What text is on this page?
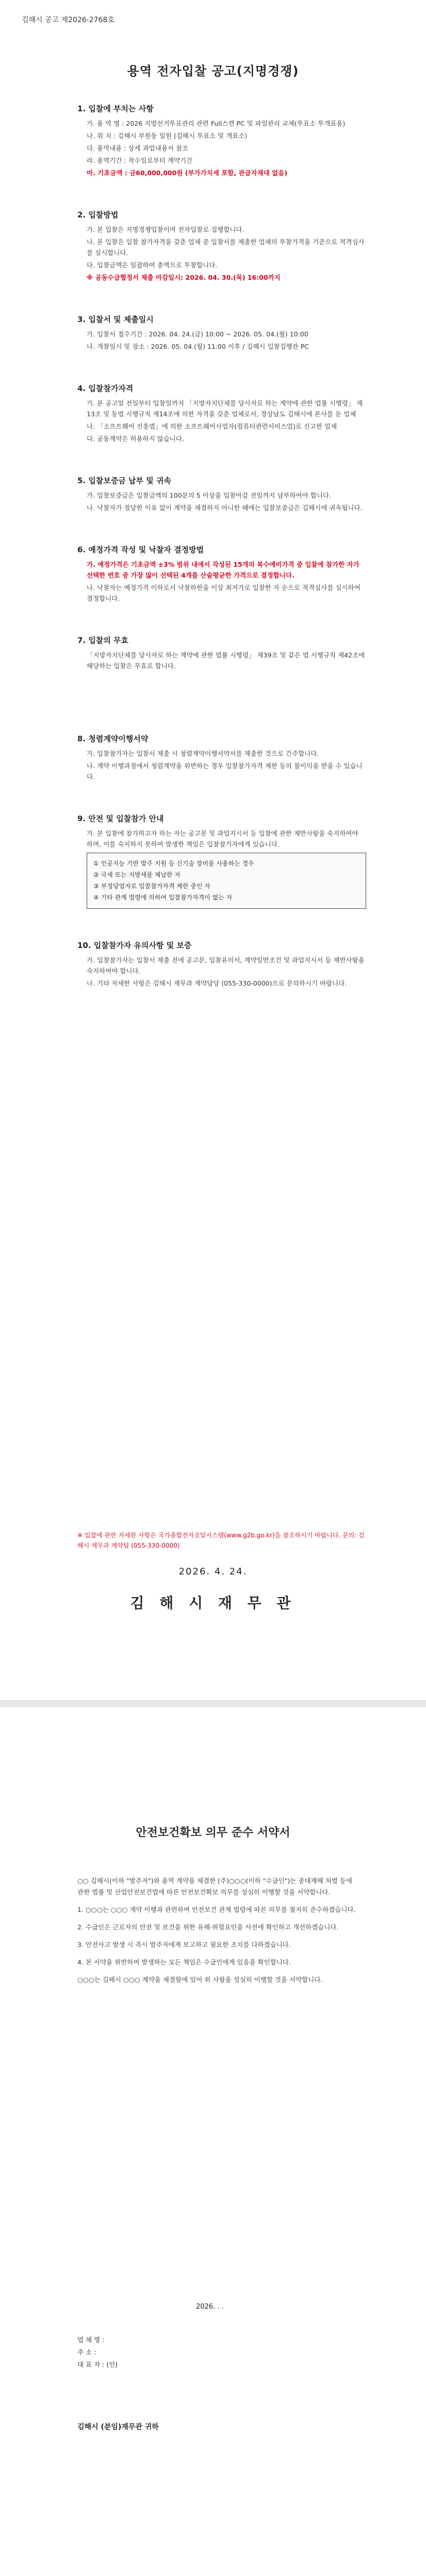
김해시 공고 제2026-2768호
용역 전자입찰 공고(지명경쟁)
1. 입찰에 부치는 사항

가. 용 역 명 : 2026 지방선거투표관리 관련 Full스캔 PC 및 파일관리 교체(투표소 투개표용)

나. 위 치 : 김해시 부원동 일원 (김해시 투표소 및 개표소)

다. 용역내용 : 상세 과업내용서 참조

라. 용역기간 : 착수일로부터 계약기간

마. 기초금액 : 금60,000,000원 (부가가치세 포함, 관급자재대 없음)

2. 입찰방법

가. 본 입찰은 지명경쟁입찰이며 전자입찰로 집행합니다.

나. 본 입찰은 입찰 참가자격을 갖춘 업체 중 입찰서를 제출한 업체의 투찰가격을 기준으로 적격심사를 실시합니다.

다. 입찰금액은 일괄하여 총액으로 투찰합니다.

※ 공동수급협정서 제출 마감일시: 2026. 04. 30.(목) 16:00까지

3. 입찰서 및 제출일시

가. 입찰서 접수기간 : 2026. 04. 24.(금) 10:00 ~ 2026. 05. 04.(월) 10:00

나. 개찰일시 및 장소 : 2026. 05. 04.(월) 11:00 이후 / 김해시 입찰집행관 PC

4. 입찰참가자격

가. 본 공고일 전일부터 입찰일까지 「지방자치단체를 당사자로 하는 계약에 관한 법률 시행령」 제13조 및 동법 시행규칙 제14조에 의한 자격을 갖춘 업체로서, 경상남도 김해시에 본사를 둔 업체

나. 「소프트웨어 진흥법」에 의한 소프트웨어사업자(컴퓨터관련서비스업)로 신고한 업체

다. 공동계약은 허용하지 않습니다.

5. 입찰보증금 납부 및 귀속

가. 입찰보증금은 입찰금액의 100분의 5 이상을 입찰마감 전일까지 납부하여야 합니다.

나. 낙찰자가 정당한 이유 없이 계약을 체결하지 아니한 때에는 입찰보증금은 김해시에 귀속됩니다.

6. 예정가격 작성 및 낙찰자 결정방법

가. 예정가격은 기초금액 ±3% 범위 내에서 작성된 15개의 복수예비가격 중 입찰에 참가한 자가 선택한 번호 중 가장 많이 선택된 4개를 산술평균한 가격으로 결정합니다.

나. 낙찰자는 예정가격 이하로서 낙찰하한율 이상 최저가로 입찰한 자 순으로 적격심사를 실시하여 결정합니다.

7. 입찰의 무효

「지방자치단체를 당사자로 하는 계약에 관한 법률 시행령」 제39조 및 같은 법 시행규칙 제42조에 해당하는 입찰은 무효로 합니다.

8. 청렴계약이행서약

가. 입찰참가자는 입찰서 제출 시 청렴계약이행서약서를 제출한 것으로 간주합니다.

나. 계약 이행과정에서 청렴계약을 위반하는 경우 입찰참가자격 제한 등의 불이익을 받을 수 있습니다.

9. 안전 및 입찰참가 안내

가. 본 입찰에 참가하고자 하는 자는 공고문 및 과업지시서 등 입찰에 관한 제반사항을 숙지하여야 하며, 이를 숙지하지 못하여 발생한 책임은 입찰참가자에게 있습니다.

① 인공지능 기반 발주 지원 등 신기술 장비를 사용하는 경우
② 국세 또는 지방세를 체납한 자
③ 부정당업자로 입찰참가자격 제한 중인 자
④ 기타 관계 법령에 의하여 입찰참가자격이 없는 자
10. 입찰참가자 유의사항 및 보증

가. 입찰참가자는 입찰서 제출 전에 공고문, 입찰유의서, 계약일반조건 및 과업지시서 등 제반사항을 숙지하여야 합니다.

나. 기타 자세한 사항은 김해시 재무과 계약담당 (055-330-0000)으로 문의하시기 바랍니다.

※ 입찰에 관한 자세한 사항은 국가종합전자조달시스템(www.g2b.go.kr)을 참조하시기 바랍니다. 문의: 김해시 재무과 계약팀 (055-330-0000)
2026. 4. 24.
김 해 시 재 무 관
안전보건확보 의무 준수 서약서

○○ 김해시(이하 "발주자")와 용역 계약을 체결한 (주)○○○(이하 "수급인")는 중대재해 처벌 등에 관한 법률 및 산업안전보건법에 따른 안전보건확보 의무를 성실히 이행할 것을 서약합니다.

1. ○○○는 ○○○ 계약 이행과 관련하여 안전보건 관계 법령에 따른 의무를 철저히 준수하겠습니다.

2. 수급인은 근로자의 안전 및 보건을 위한 유해·위험요인을 사전에 확인하고 개선하겠습니다.

3. 안전사고 발생 시 즉시 발주자에게 보고하고 필요한 조치를 다하겠습니다.

4. 본 서약을 위반하여 발생하는 모든 책임은 수급인에게 있음을 확인합니다.

○○○는 김해시 ○○○ 계약을 체결함에 있어 위 사항을 성실히 이행할 것을 서약합니다.

2026. . .
업 체 명 :
주 소 :
대 표 자 : (인)
김해시 (분임)재무관 귀하
